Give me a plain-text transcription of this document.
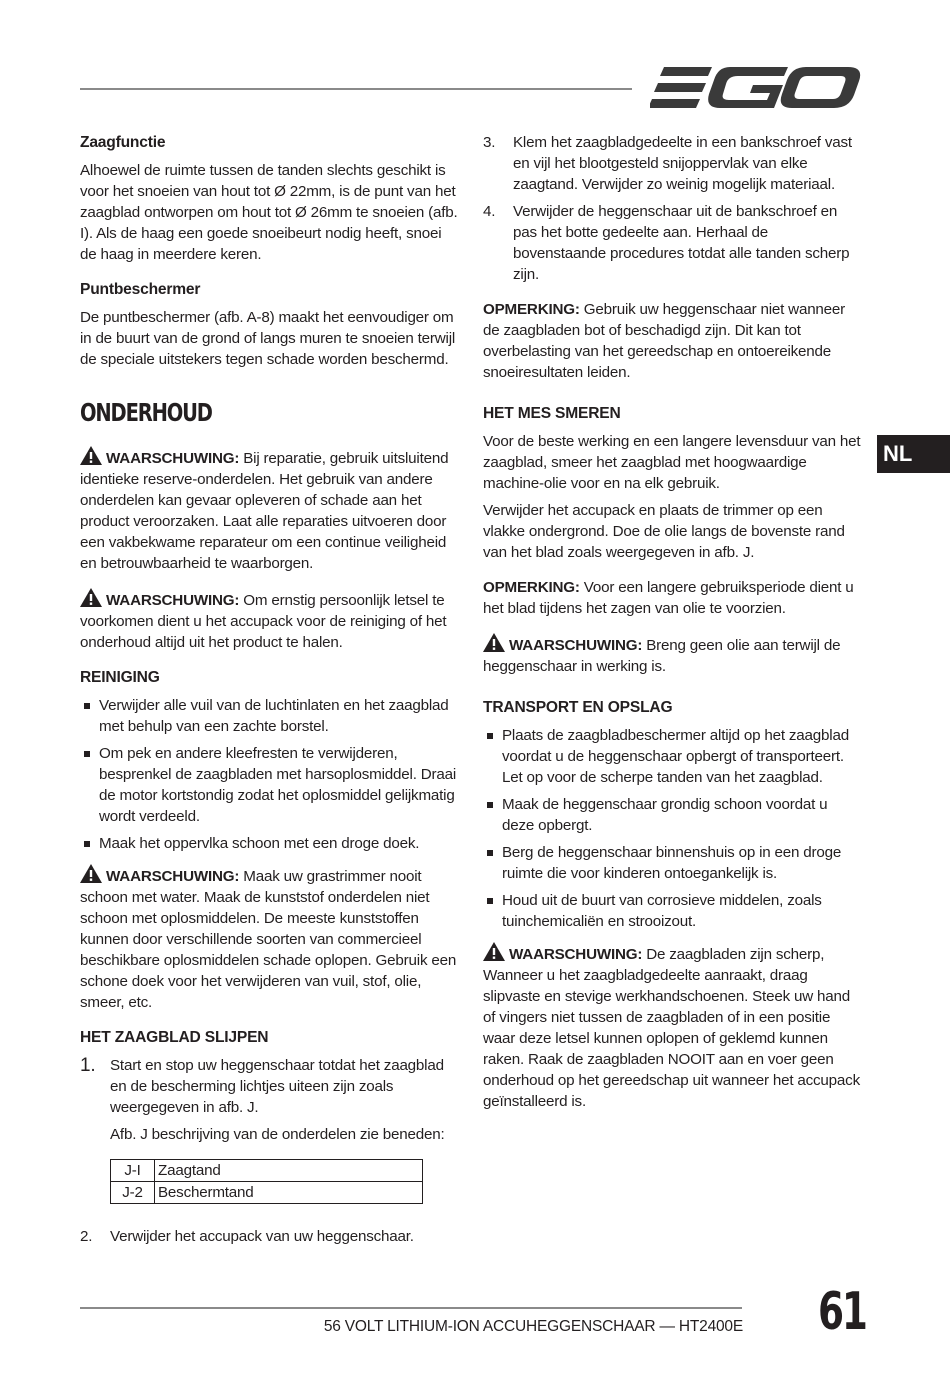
NL
Zaagfunctie

Alhoewel de ruimte tussen de tanden slechts geschikt is voor het snoeien van hout tot Ø 22mm, is de punt van het zaagblad ontworpen om hout tot Ø 26mm te snoeien (afb. I). Als de haag een goede snoeibeurt nodig heeft, snoei de haag in meerdere keren.

Puntbeschermer

De puntbeschermer (afb. A-8) maakt het eenvoudiger om in de buurt van de grond of langs muren te snoeien terwijl de speciale uitstekers tegen schade worden beschermd.

ONDERHOUD

WAARSCHUWING: Bij reparatie, gebruik uitsluitend identieke reserve-onderdelen. Het gebruik van andere onderdelen kan gevaar opleveren of schade aan het product veroorzaken. Laat alle reparaties uitvoeren door een vakbekwame reparateur om een continue veiligheid en betrouwbaarheid te waarborgen.

WAARSCHUWING: Om ernstig persoonlijk letsel te voorkomen dient u het accupack voor de reiniging of het onderhoud altijd uit het product te halen.

REINIGING
Verwijder alle vuil van de luchtinlaten en het zaagblad met behulp van een zachte borstel.
Om pek en andere kleefresten te verwijderen, besprenkel de zaagbladen met harsoplosmiddel. Draai de motor kortstondig zodat het oplosmiddel gelijkmatig wordt verdeeld.
Maak het oppervlka schoon met een droge doek.

WAARSCHUWING: Maak uw grastrimmer nooit schoon met water. Maak de kunststof onderdelen niet schoon met oplosmiddelen. De meeste kunststoffen kunnen door verschillende soorten van commercieel beschikbare oplosmiddelen schade oplopen. Gebruik een schone doek voor het verwijderen van vuil, stof, olie, smeer, etc.

HET ZAAGBLAD SLIJPEN
1. Start en stop uw heggenschaar totdat het zaagblad en de bescherming lichtjes uiteen zijn zoals weergegeven in afb. J.

Afb. J beschrijving van de onderdelen zie beneden:

J-I	Zaagtand
J-2	Beschermtand
2. Verwijder het accupack van uw heggenschaar.

3. Klem het zaagbladgedeelte in een bankschroef vast en vijl het blootgesteld snijoppervlak van elke zaagtand. Verwijder zo weinig mogelijk materiaal.

4. Verwijder de heggenschaar uit de bankschroef en pas het botte gedeelte aan. Herhaal de bovenstaande procedures totdat alle tanden scherp zijn.

OPMERKING: Gebruik uw heggenschaar niet wanneer de zaagbladen bot of beschadigd zijn. Dit kan tot overbelasting van het gereedschap en ontoereikende snoeiresultaten leiden.

HET MES SMEREN

Voor de beste werking en een langere levensduur van het zaagblad, smeer het zaagblad met hoogwaardige machine-olie voor en na elk gebruik.

Verwijder het accupack en plaats de trimmer op een vlakke ondergrond. Doe de olie langs de bovenste rand van het blad zoals weergegeven in afb. J.

OPMERKING: Voor een langere gebruiksperiode dient u het blad tijdens het zagen van olie te voorzien.

WAARSCHUWING: Breng geen olie aan terwijl de heggenschaar in werking is.

TRANSPORT EN OPSLAG
Plaats de zaagbladbeschermer altijd op het zaagblad voordat u de heggenschaar opbergt of transporteert. Let op voor de scherpe tanden van het zaagblad.
Maak de heggenschaar grondig schoon voordat u deze opbergt.
Berg de heggenschaar binnenshuis op in een droge ruimte die voor kinderen ontoegankelijk is.
Houd uit de buurt van corrosieve middelen, zoals tuinchemicaliën en strooizout.

WAARSCHUWING: De zaagbladen zijn scherp, Wanneer u het zaagbladgedeelte aanraakt, draag slipvaste en stevige werkhandschoenen. Steek uw hand of vingers niet tussen de zaagbladen of in een positie waar deze letsel kunnen oplopen of geklemd kunnen raken. Raak de zaagbladen NOOIT aan en voer geen onderhoud op het gereedschap uit wanneer het accupack geïnstalleerd is.

56 VOLT LITHIUM-ION ACCUHEGGENSCHAAR — HT2400E 61
